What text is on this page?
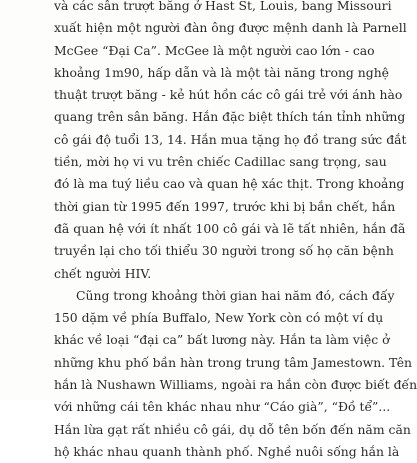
và các sân trượt băng ở Hast St, Louis, bang Missouri
xuất hiện một người đàn ông được mệnh danh là Parnell
McGee “Đại Ca”. McGee là một người cao lớn - cao
khoảng 1m90, hấp dẫn và là một tài năng trong nghệ
thuật trượt băng - kẻ hút hồn các cô gái trẻ với ánh hào
quang trên sân băng. Hắn đặc biệt thích tán tỉnh những
cô gái độ tuổi 13, 14. Hắn mua tặng họ đồ trang sức đắt
tiền, mời họ vi vu trên chiếc Cadillac sang trọng, sau
đó là ma tuý liều cao và quan hệ xác thịt. Trong khoảng
thời gian từ 1995 đến 1997, trước khi bị bắn chết, hắn
đã quan hệ với ít nhất 100 cô gái và lẽ tất nhiên, hắn đã
truyền lại cho tối thiểu 30 người trong số họ căn bệnh
chết người HIV.
Cũng trong khoảng thời gian hai năm đó, cách đấy
150 dặm về phía Buffalo, New York còn có một ví dụ
khác về loại “đại ca” bất lương này. Hắn ta làm việc ở
những khu phố bần hàn trong trung tâm Jamestown. Tên
hắn là Nushawn Williams, ngoài ra hắn còn được biết đến
với những cái tên khác nhau như “Cáo già”, “Đồ tể”...
Hắn lừa gạt rất nhiều cô gái, dụ dỗ tên bốn đến năm căn
hộ khác nhau quanh thành phố. Nghề nuôi sống hắn là
